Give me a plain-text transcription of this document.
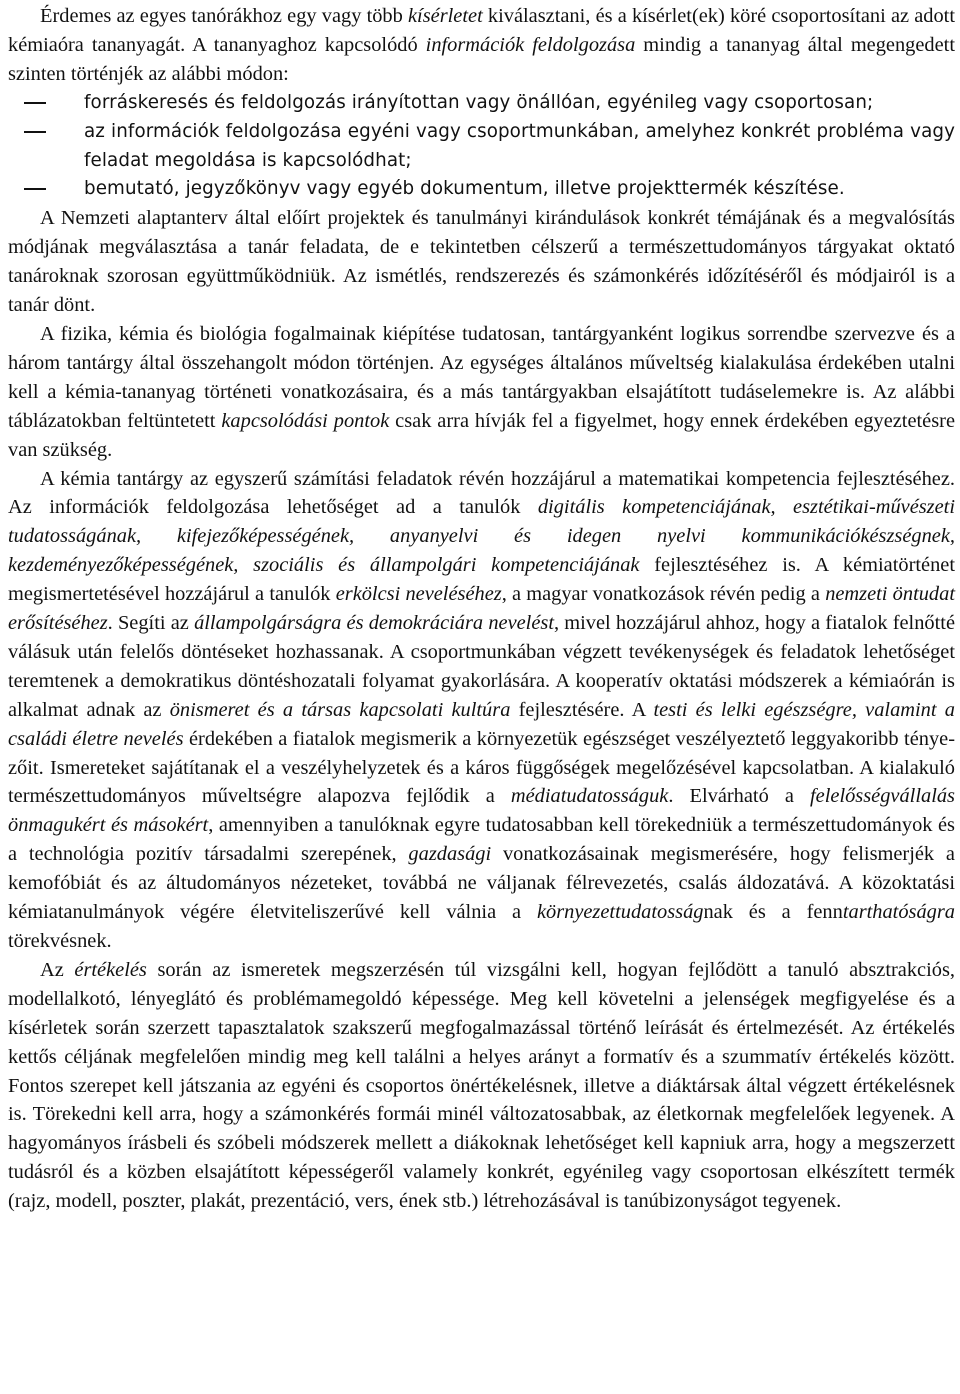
Érdemes az egyes tanórákhoz egy vagy több kísérletet kiválasztani, és a kísérlet(ek) köré csoportosítani az adott kémiaóra tananyagát. A tananyaghoz kapcsolódó információk feldolgozása mindig a tananyag által megengedett szinten történjék az alábbi módon:

forráskeresés és feldolgozás irányítottan vagy önállóan, egyénileg vagy csoportosan;
az információk feldolgozása egyéni vagy csoportmunkában, amelyhez konkrét probléma vagy feladat megoldása is kapcsolódhat;
bemutató, jegyzőkönyv vagy egyéb dokumentum, illetve projekttermék készítése.

A Nemzeti alaptanterv által előírt projektek és tanulmányi kirándulások konkrét témájának és a megvalósítás módjának megválasztása a tanár feladata, de e tekintetben célszerű a természettudományos tárgyakat oktató tanároknak szorosan együttműködniük. Az ismétlés, rendszerezés és számonkérés időzítéséről és módjairól is a tanár dönt.

A fizika, kémia és biológia fogalmainak kiépítése tudatosan, tantárgyanként logikus sorrendbe szervezve és a három tantárgy által összehangolt módon történjen. Az egységes általános műveltség kialakulása érdekében utalni kell a kémia-tananyag történeti vonatkozásaira, és a más tantárgyakban elsajátított tudáselemekre is. Az alábbi táblázatokban feltüntetett kapcsolódási pontok csak arra hívják fel a figyelmet, hogy ennek érdekében egyeztetésre van szükség.

A kémia tantárgy az egyszerű számítási feladatok révén hozzájárul a matematikai kompetencia fejlesztéséhez. Az információk feldolgozása lehetőséget ad a tanulók digitális kompetenciájának, esztétikai-művészeti tudatosságának, kifejezőképességének, anyanyelvi és idegen nyelvi kommunikációkészségnek, kezdeményezőképességének, szociális és állampolgári kompetenciájának fejlesztéséhez is. A kémiatörténet megismertetésével hozzájárul a tanulók erkölcsi neveléséhez, a magyar vonatkozások révén pedig a nemzeti öntudat erősítéséhez. Segíti az állampolgárságra és demokráciára nevelést, mivel hozzájárul ahhoz, hogy a fiatalok felnőtté válásuk után felelős döntéseket hozhassanak. A csoportmunkában végzett tevékenységek és feladatok lehetőséget teremtenek a demokratikus döntéshozatali folyamat gyakorlására. A kooperatív oktatási módszerek a kémiaórán is alkalmat adnak az önismeret és a társas kapcsolati kultúra fejlesztésére. A testi és lelki egészségre, valamint a családi életre nevelés érdekében a fiatalok megismerik a környezetük egészséget veszélyeztető leggyakoribb tényezőit. Ismereteket sajátítanak el a veszélyhelyzetek és a káros függőségek megelőzésével kapcsolatban. A kialakuló természettudományos műveltségre alapozva fejlődik a médiatudatosságuk. Elvárható a felelősségvállalás önmagukért és másokért, amennyiben a tanulóknak egyre tudatosabban kell törekedniük a természettudományok és a technológia pozitív társadalmi szerepének, gazdasági vonatkozásainak megismerésére, hogy felismerjék a kemofóbiát és az áltudományos nézeteket, továbbá ne váljanak félrevezetés, csalás áldozatává. A közoktatási kémiatanulmányok végére életviteliszerűvé kell válnia a környezettudatosságnak és a fenntarthatóságra törekvésnek.

Az értékelés során az ismeretek megszerzésén túl vizsgálni kell, hogyan fejlődött a tanuló absztrakciós, modellalkotó, lényeglátó és problémamegoldó képessége. Meg kell követelni a jelenségek megfigyelése és a kísérletek során szerzett tapasztalatok szakszerű megfogalmazással történő leírását és értelmezését. Az értékelés kettős céljának megfelelően mindig meg kell találni a helyes arányt a formatív és a szummatív értékelés között. Fontos szerepet kell játszania az egyéni és csoportos önértékelésnek, illetve a diáktársak által végzett értékelésnek is. Törekedni kell arra, hogy a számonkérés formái minél változatosabbak, az életkornak megfelelőek legyenek. A hagyományos írásbeli és szóbeli módszerek mellett a diákoknak lehetőséget kell kapniuk arra, hogy a megszerzett tudásról és a közben elsajátított képességeről valamely konkrét, egyénileg vagy csoportosan elkészített termék (rajz, modell, poszter, plakát, prezentáció, vers, ének stb.) létrehozásával is tanúbizonyságot tegyenek.
